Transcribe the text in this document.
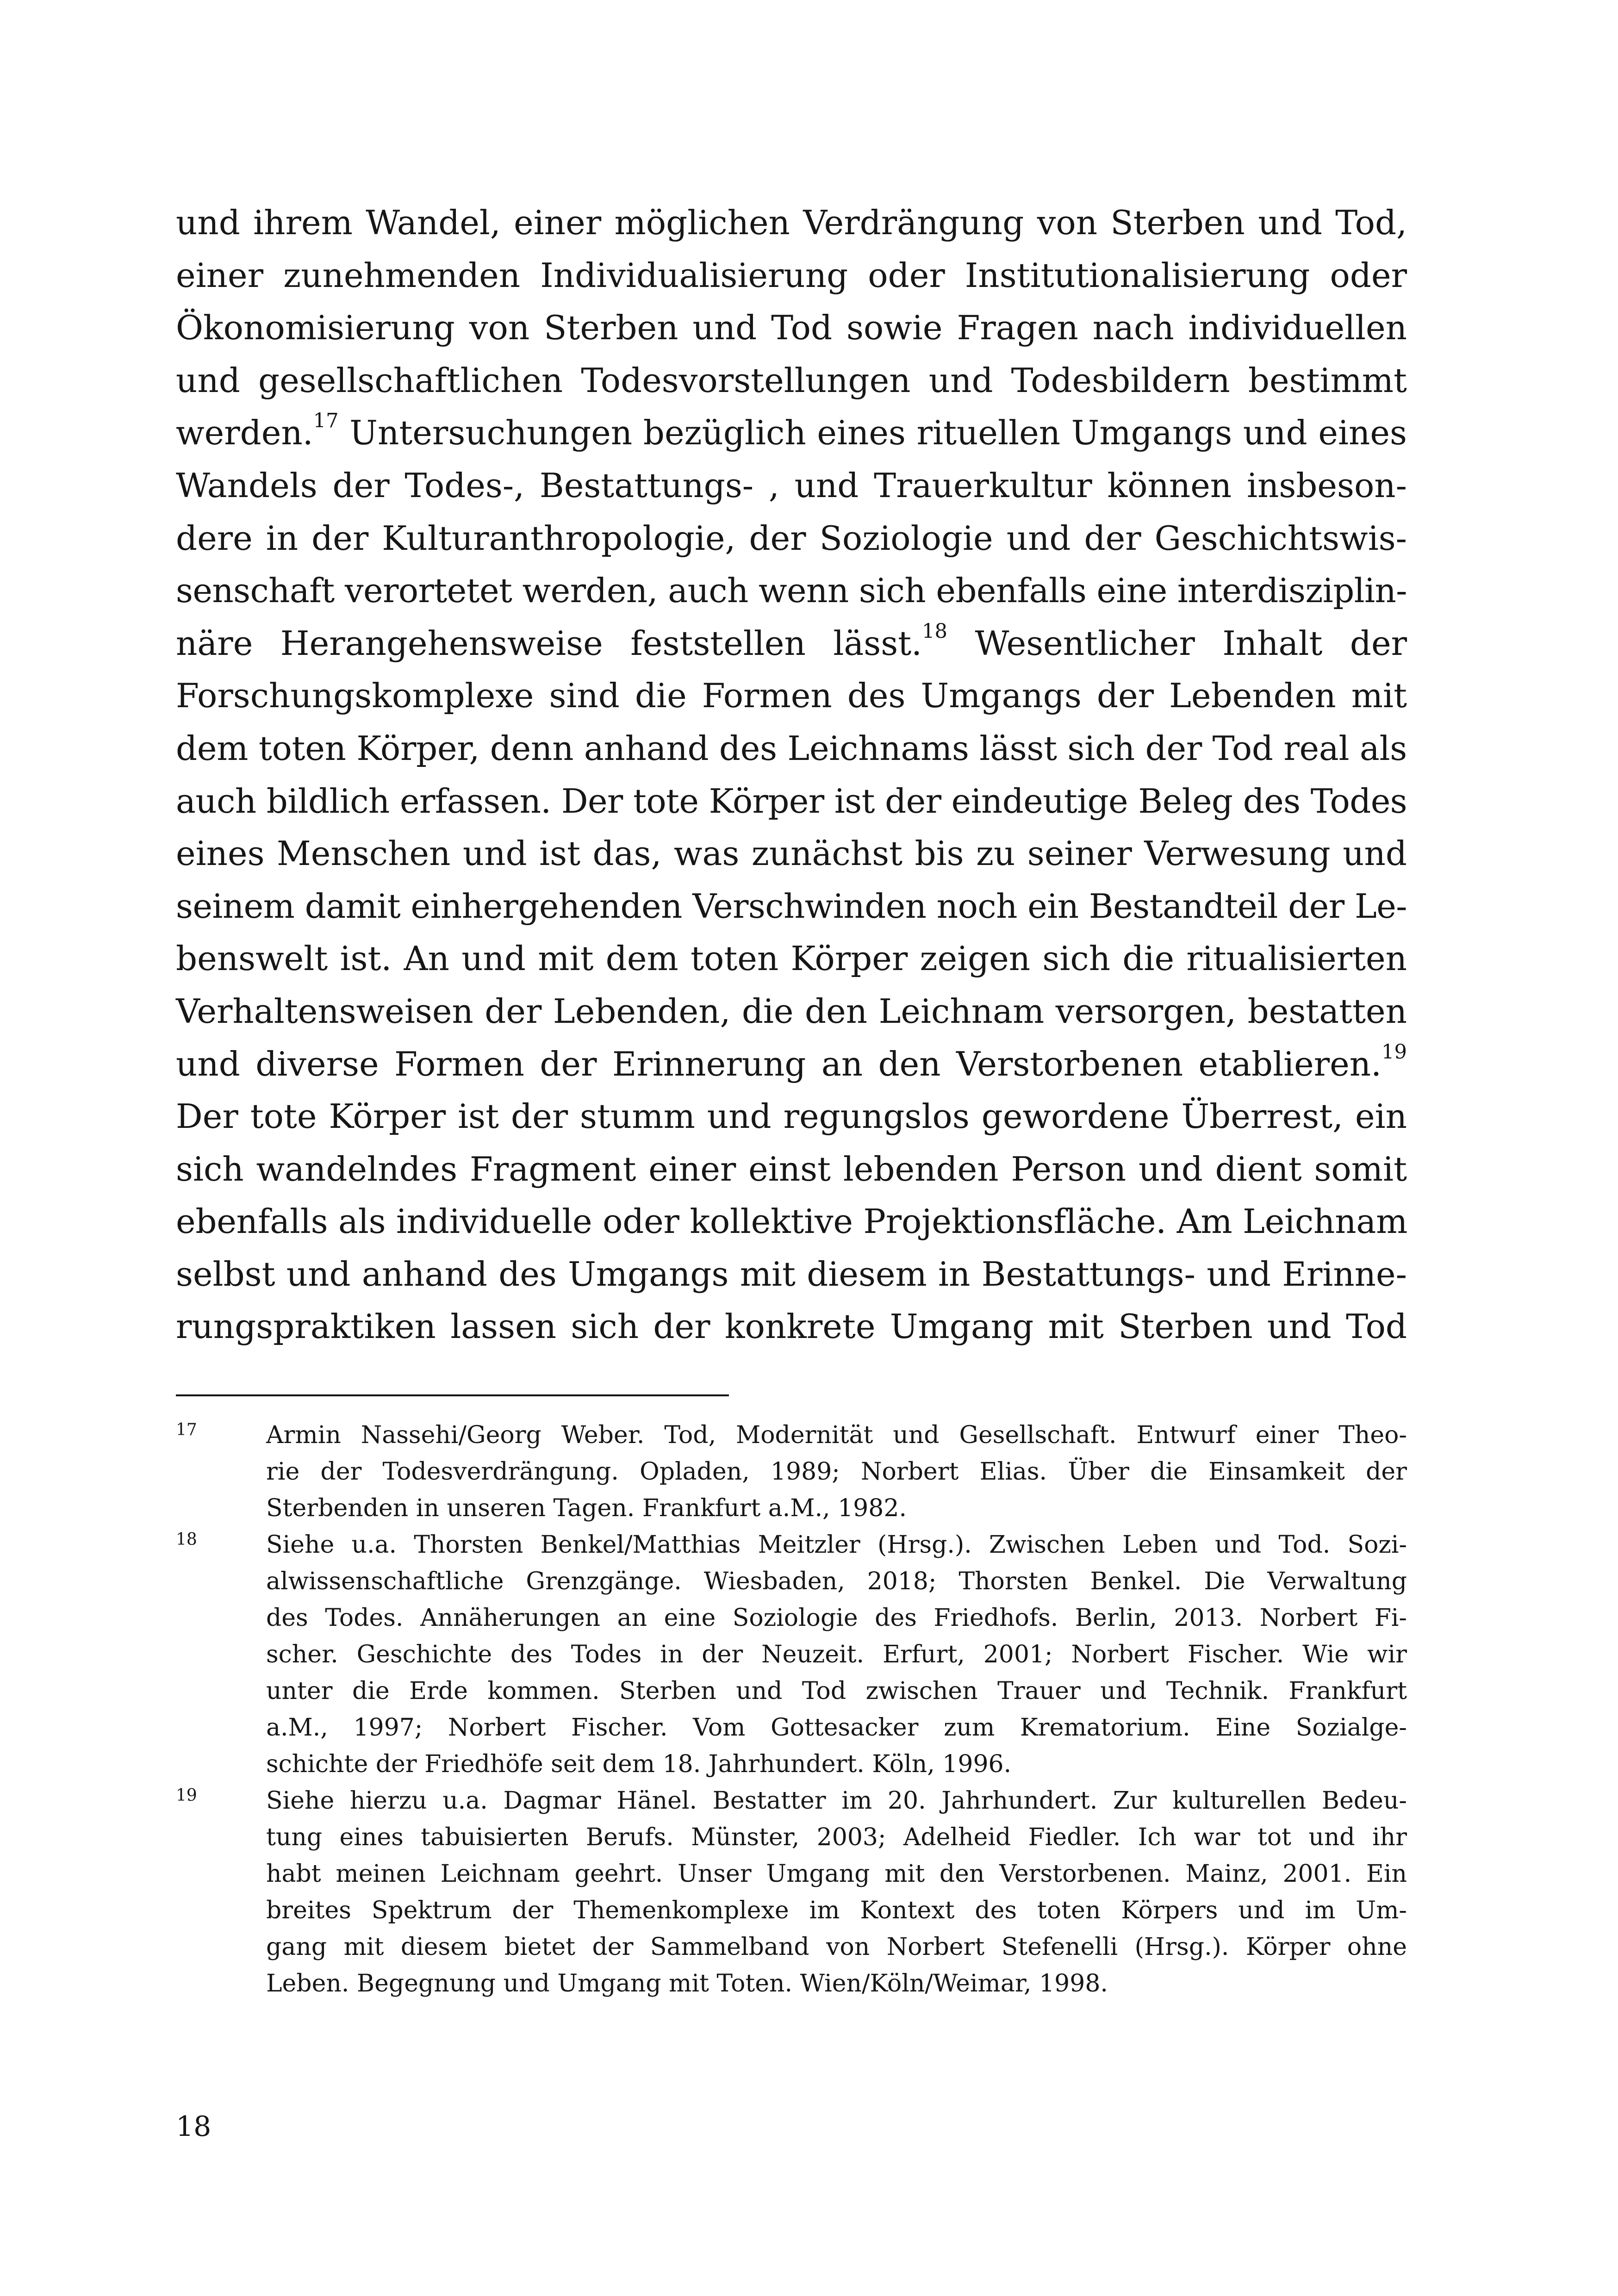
und ihrem Wandel, einer möglichen Verdrängung von Sterben und Tod,
einer zunehmenden Individualisierung oder Institutionalisierung oder
Ökonomisierung von Sterben und Tod sowie Fragen nach individuellen
und gesellschaftlichen Todesvorstellungen und Todesbildern bestimmt
werden.$^{17}$ Untersuchungen bezüglich eines rituellen Umgangs und eines
Wandels der Todes-, Bestattungs- , und Trauerkultur können insbeson-
dere in der Kulturanthropologie, der Soziologie und der Geschichtswis-
senschaft verortetet werden, auch wenn sich ebenfalls eine interdisziplin-
näre Herangehensweise feststellen lässt.$^{18}$ Wesentlicher Inhalt der
Forschungskomplexe sind die Formen des Umgangs der Lebenden mit
dem toten Körper, denn anhand des Leichnams lässt sich der Tod real als
auch bildlich erfassen. Der tote Körper ist der eindeutige Beleg des Todes
eines Menschen und ist das, was zunächst bis zu seiner Verwesung und
seinem damit einhergehenden Verschwinden noch ein Bestandteil der Le-
benswelt ist. An und mit dem toten Körper zeigen sich die ritualisierten
Verhaltensweisen der Lebenden, die den Leichnam versorgen, bestatten
und diverse Formen der Erinnerung an den Verstorbenen etablieren.$^{19}$
Der tote Körper ist der stumm und regungslos gewordene Überrest, ein
sich wandelndes Fragment einer einst lebenden Person und dient somit
ebenfalls als individuelle oder kollektive Projektionsfläche. Am Leichnam
selbst und anhand des Umgangs mit diesem in Bestattungs- und Erinne-
rungspraktiken lassen sich der konkrete Umgang mit Sterben und Tod
17	Armin Nassehi/Georg Weber. Tod, Modernität und Gesellschaft. Entwurf einer Theo-
rie der Todesverdrängung. Opladen, 1989; Norbert Elias. Über die Einsamkeit der
Sterbenden in unseren Tagen. Frankfurt a.M., 1982.
18	Siehe u.a. Thorsten Benkel/Matthias Meitzler (Hrsg.). Zwischen Leben und Tod. Sozi-
alwissenschaftliche Grenzgänge. Wiesbaden, 2018; Thorsten Benkel. Die Verwaltung
des Todes. Annäherungen an eine Soziologie des Friedhofs. Berlin, 2013. Norbert Fi-
scher. Geschichte des Todes in der Neuzeit. Erfurt, 2001; Norbert Fischer. Wie wir
unter die Erde kommen. Sterben und Tod zwischen Trauer und Technik. Frankfurt
a.M., 1997; Norbert Fischer. Vom Gottesacker zum Krematorium. Eine Sozialge-
schichte der Friedhöfe seit dem 18. Jahrhundert. Köln, 1996.
19	Siehe hierzu u.a. Dagmar Hänel. Bestatter im 20. Jahrhundert. Zur kulturellen Bedeu-
tung eines tabuisierten Berufs. Münster, 2003; Adelheid Fiedler. Ich war tot und ihr
habt meinen Leichnam geehrt. Unser Umgang mit den Verstorbenen. Mainz, 2001. Ein
breites Spektrum der Themenkomplexe im Kontext des toten Körpers und im Um-
gang mit diesem bietet der Sammelband von Norbert Stefenelli (Hrsg.). Körper ohne
Leben. Begegnung und Umgang mit Toten. Wien/Köln/Weimar, 1998.
18
